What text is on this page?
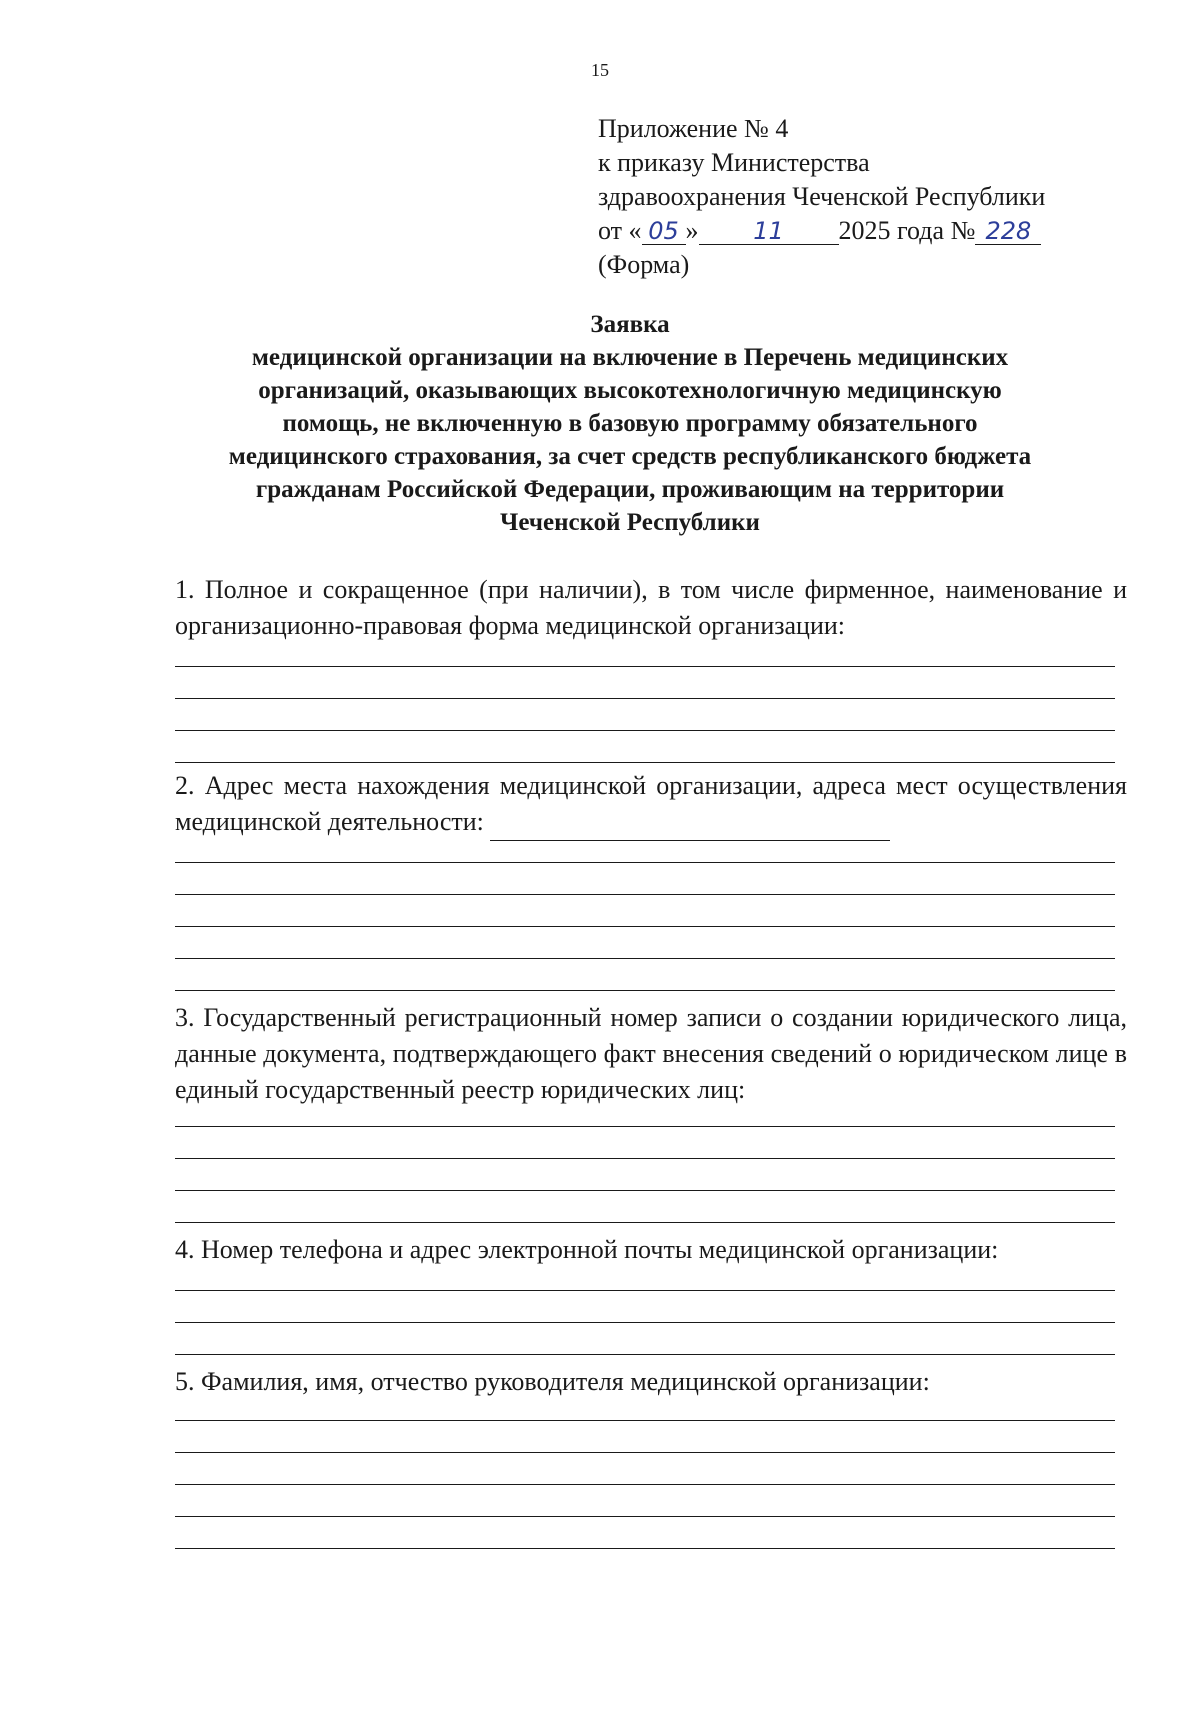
15
Приложение № 4
к приказу Министерства
здравоохранения Чеченской Республики
от « 05 » 11 2025 года № 228
(Форма)
Заявка
медицинской организации на включение в Перечень медицинских
организаций, оказывающих высокотехнологичную медицинскую
помощь, не включенную в базовую программу обязательного
медицинского страхования, за счет средств республиканского бюджета
гражданам Российской Федерации, проживающим на территории
Чеченской Республики

1. Полное и сокращенное (при наличии), в том числе фирменное, наименование и организационно-правовая форма медицинской организации:

2. Адрес места нахождения медицинской организации, адреса мест осуществления медицинской деятельности:

3. Государственный регистрационный номер записи о создании юридического лица, данные документа, подтверждающего факт внесения сведений о юридическом лице в единый государственный реестр юридических лиц:

4. Номер телефона и адрес электронной почты медицинской организации:

5. Фамилия, имя, отчество руководителя медицинской организации:
